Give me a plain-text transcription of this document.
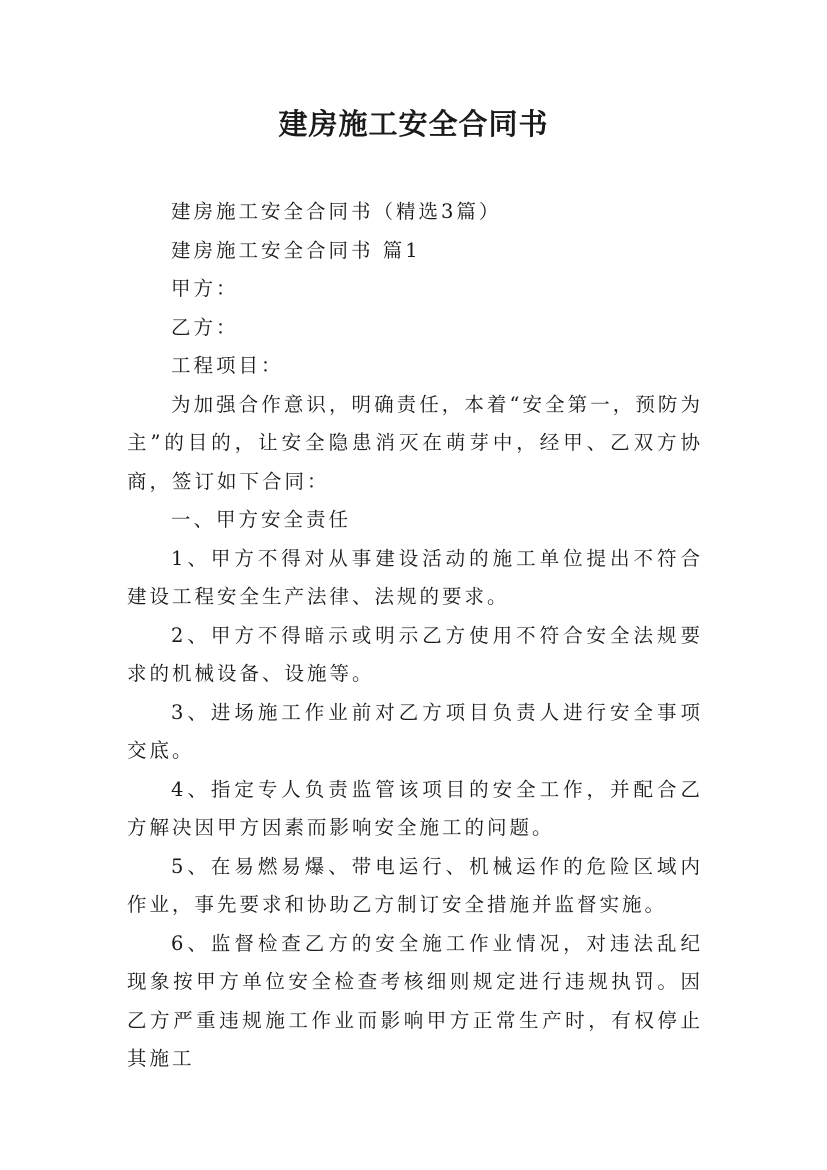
建房施工安全合同书

建房施工安全合同书（精选3篇）

建房施工安全合同书 篇1

甲方：

乙方：

工程项目：

为加强合作意识，明确责任，本着“安全第一，预防为主”的目的，让安全隐患消灭在萌芽中，经甲、乙双方协商，签订如下合同：

一、甲方安全责任

1、甲方不得对从事建设活动的施工单位提出不符合建设工程安全生产法律、法规的要求。

2、甲方不得暗示或明示乙方使用不符合安全法规要求的机械设备、设施等。

3、进场施工作业前对乙方项目负责人进行安全事项交底。

4、指定专人负责监管该项目的安全工作，并配合乙方解决因甲方因素而影响安全施工的问题。

5、在易燃易爆、带电运行、机械运作的危险区域内作业，事先要求和协助乙方制订安全措施并监督实施。

6、监督检查乙方的安全施工作业情况，对违法乱纪现象按甲方单位安全检查考核细则规定进行违规执罚。因乙方严重违规施工作业而影响甲方正常生产时，有权停止其施工
